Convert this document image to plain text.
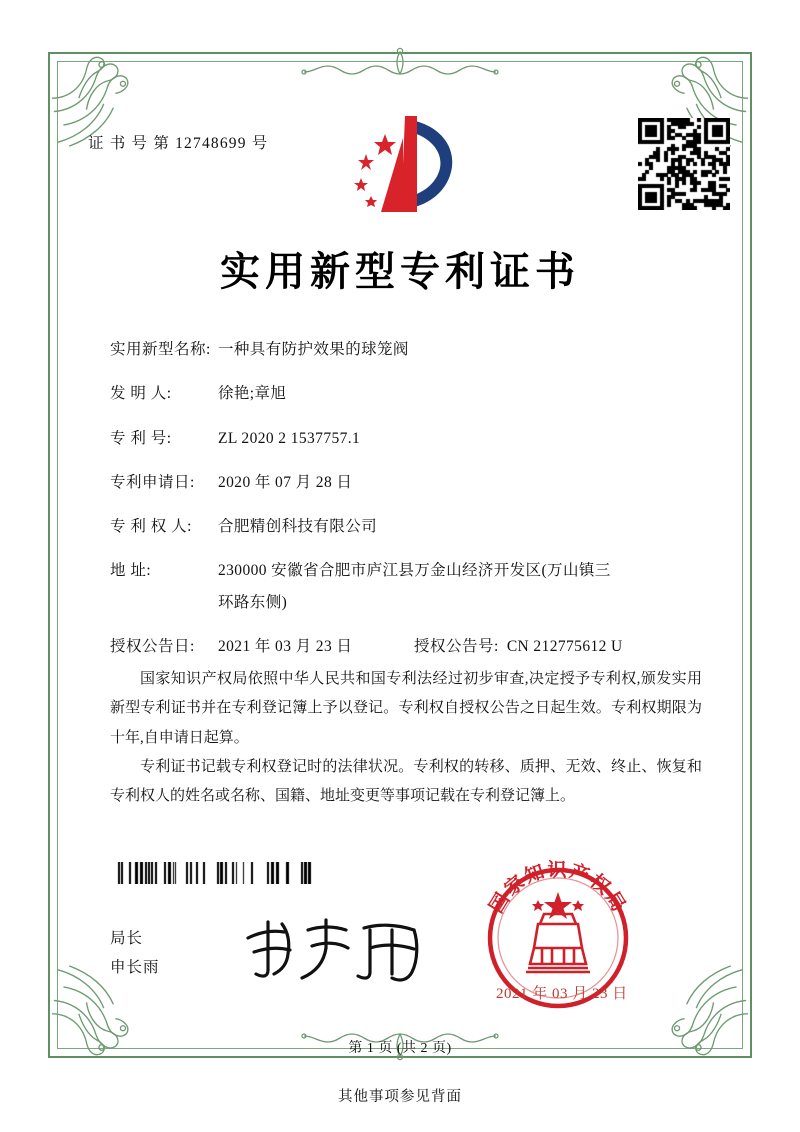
证 书 号 第 12748699 号
实用新型专利证书
实用新型名称: 一种具有防护效果的球笼阀
发 明 人:	徐艳;章旭
专 利 号:	ZL 2020 2 1537757.1
专利申请日:	2020 年 07 月 28 日
专 利 权 人:	合肥精创科技有限公司
地 址:	230000 安徽省合肥市庐江县万金山经济开发区(万山镇三
环路东侧)
授权公告日:	2021 年 03 月 23 日	授权公告号: CN 212775612 U

国家知识产权局依照中华人民共和国专利法经过初步审查,决定授予专利权,颁发实用新型专利证书并在专利登记簿上予以登记。专利权自授权公告之日起生效。专利权期限为十年,自申请日起算。

专利证书记载专利权登记时的法律状况。专利权的转移、质押、无效、终止、恢复和专利权人的姓名或名称、国籍、地址变更等事项记载在专利登记簿上。

局长
申长雨
国家知识产权局
2021 年 03 月 23 日
第 1 页 (共 2 页)
其他事项参见背面
